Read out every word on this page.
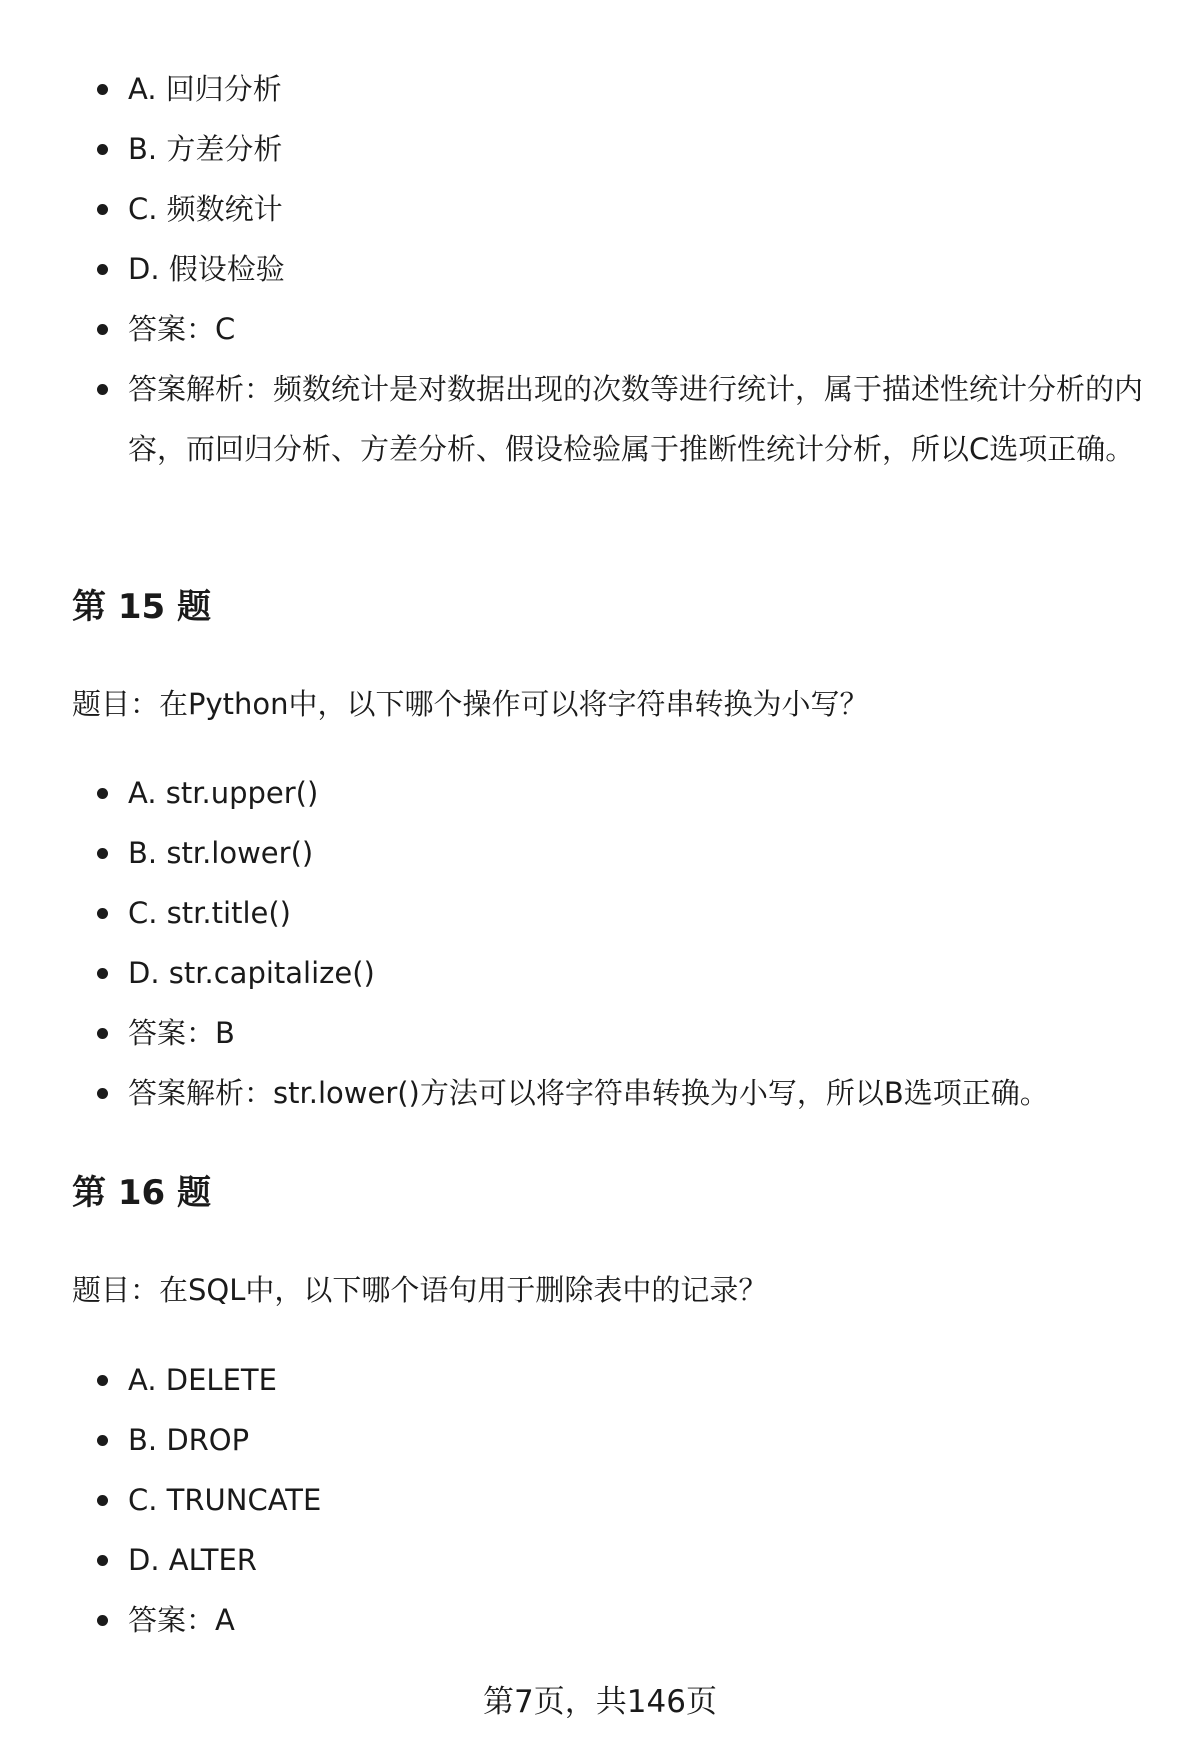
A. 回归分析
B. 方差分析
C. 频数统计
D. 假设检验
答案：C
答案解析：频数统计是对数据出现的次数等进行统计，属于描述性统计分析的内容，而回归分析、方差分析、假设检验属于推断性统计分析，所以C选项正确。
第 15 题

题目：在Python中，以下哪个操作可以将字符串转换为小写？

A. str.upper()
B. str.lower()
C. str.title()
D. str.capitalize()
答案：B
答案解析：str.lower()方法可以将字符串转换为小写，所以B选项正确。
第 16 题

题目：在SQL中，以下哪个语句用于删除表中的记录？

A. DELETE
B. DROP
C. TRUNCATE
D. ALTER
答案：A
第7页，共146页
